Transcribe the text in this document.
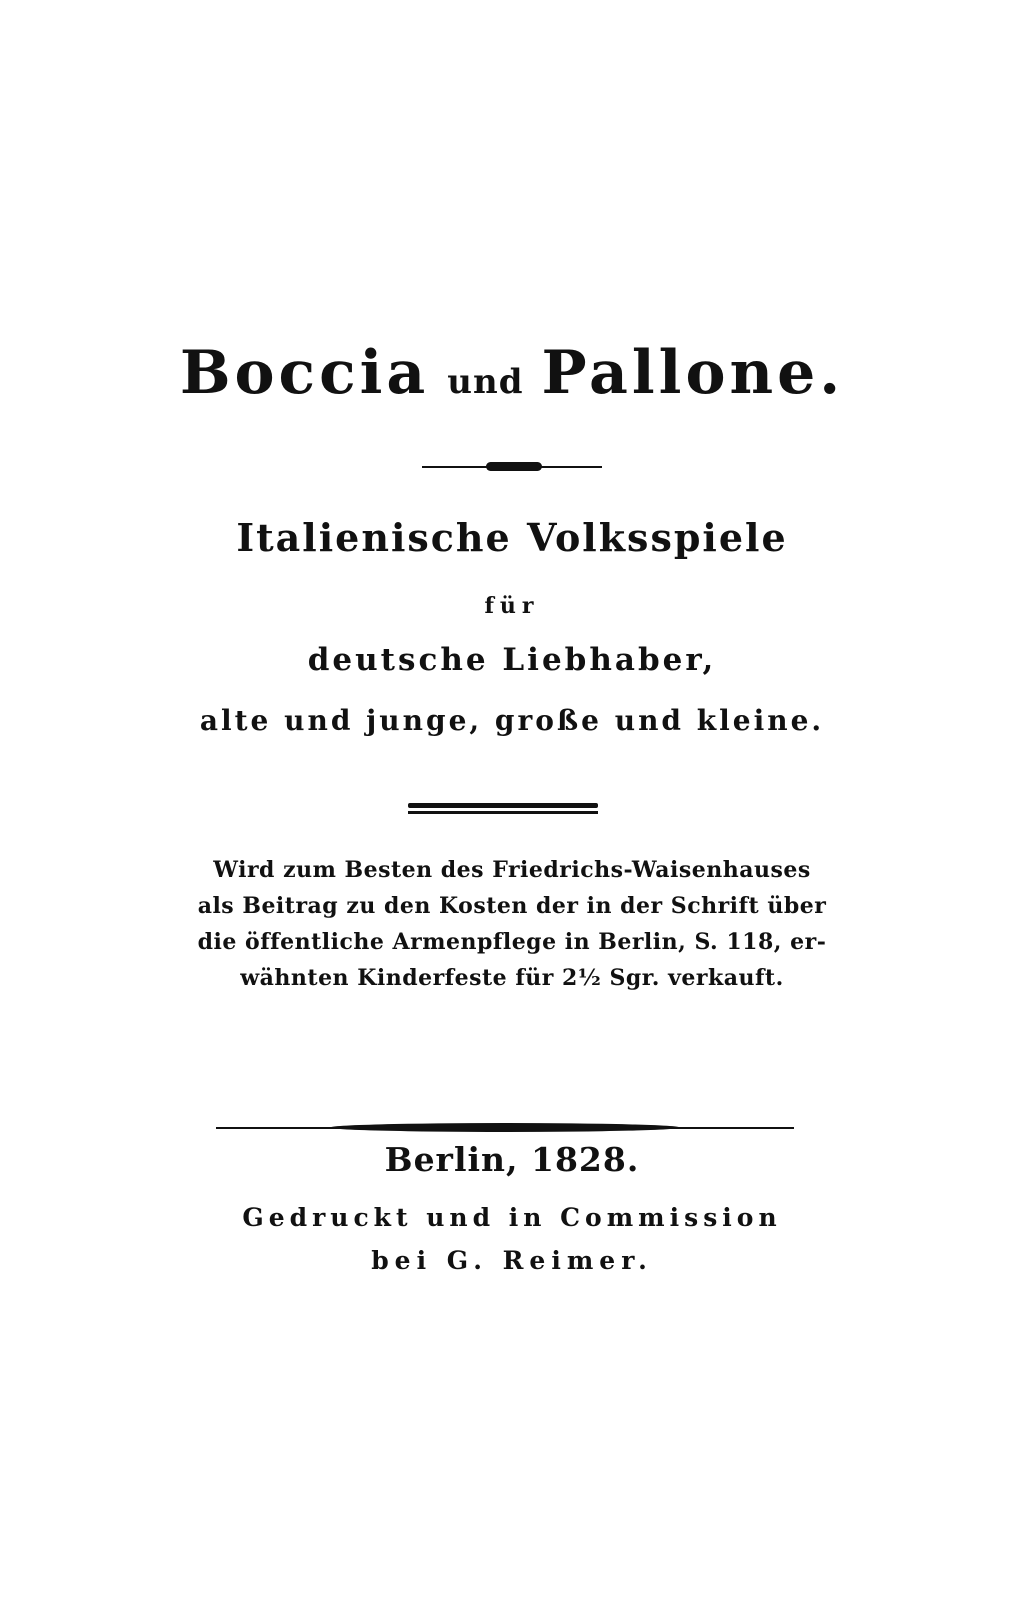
Boccia und Pallone.
Italienische Volksspiele
für
deutsche Liebhaber,
alte und junge, große und kleine.
Wird zum Besten des Friedrichs-Waisenhauses
als Beitrag zu den Kosten der in der Schrift über
die öffentliche Armenpflege in Berlin, S. 118, er-
wähnten Kinderfeste für 2½ Sgr. verkauft.
Berlin, 1828.
Gedruckt und in Commission
bei G. Reimer.
